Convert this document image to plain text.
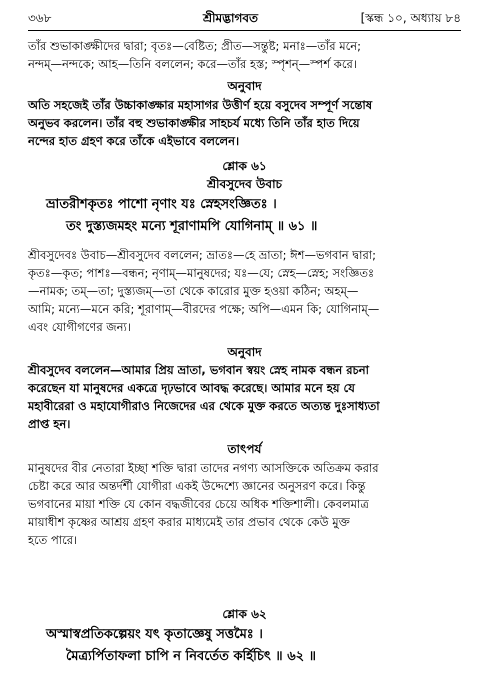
৩৬৮	শ্রীমদ্ভাগবত	[স্কন্ধ ১০, অধ্যায় ৮৪

তাঁর শুভাকাঙ্ক্ষীদের দ্বারা; বৃতঃ—বেষ্টিত; প্রীত—সন্তুষ্ট; মনাঃ—তাঁর মনে;

নন্দম্—নন্দকে; আহ—তিনি বললেন; করে—তাঁর হস্ত; স্পৃশন্—স্পর্শ করে।

অনুবাদ

অতি সহজেই তাঁর উচ্চাকাঙ্ক্ষার মহাসাগর উত্তীর্ণ হয়ে বসুদেব সম্পূর্ণ সন্তোষ

অনুভব করলেন। তাঁর বহু শুভাকাঙ্ক্ষীর সাহচর্য মধ্যে তিনি তাঁর হাত দিয়ে

নন্দের হাত গ্রহণ করে তাঁকে এইভাবে বললেন।

শ্লোক ৬১
শ্রীবসুদেব উবাচ

ভ্রাতরীশকৃতঃ পাশো নৃণাং যঃ স্নেহসংজ্ঞিতঃ ।

তং দুস্ত্যজমহং মন্যে শূরাণামপি যোগিনাম্ ॥ ৬১ ॥

শ্রীবসুদেবঃ উবাচ—শ্রীবসুদেব বললেন; ভ্রাতঃ—হে ভ্রাতা; ঈশ—ভগবান দ্বারা;

কৃতঃ—কৃত; পাশঃ—বন্ধন; নৃণাম্—মানুষদের; যঃ—যে; স্নেহ—স্নেহ; সংজ্ঞিতঃ

—নামক; তম্—তা; দুস্ত্যজম্—তা থেকে কারোর মুক্ত হওয়া কঠিন; অহম্—

আমি; মন্যে—মনে করি; শূরাণাম্—বীরদের পক্ষে; অপি—এমন কি; যোগিনাম্—

এবং যোগীগণের জন্য।

অনুবাদ

শ্রীবসুদেব বললেন—আমার প্রিয় ভ্রাতা, ভগবান স্বয়ং স্নেহ নামক বন্ধন রচনা

করেছেন যা মানুষদের একত্রে দৃঢ়ভাবে আবদ্ধ করেছে। আমার মনে হয় যে

মহাবীরেরা ও মহাযোগীরাও নিজেদের এর থেকে মুক্ত করতে অত্যন্ত দুঃসাধ্যতা

প্রাপ্ত হন।

তাৎপর্য

মানুষদের বীর নেতারা ইচ্ছা শক্তি দ্বারা তাদের নগণ্য আসক্তিকে অতিক্রম করার

চেষ্টা করে আর অন্তর্দর্শী যোগীরা একই উদ্দেশ্যে জ্ঞানের অনুসরণ করে। কিন্তু

ভগবানের মায়া শক্তি যে কোন বদ্ধজীবের চেয়ে অধিক শক্তিশালী। কেবলমাত্র

মায়াধীশ কৃষ্ণের আশ্রয় গ্রহণ করার মাধ্যমেই তার প্রভাব থেকে কেউ মুক্ত

হতে পারে।

শ্লোক ৬২

অস্মাস্বপ্রতিকল্পেয়ং যৎ কৃতাজ্ঞেষু সত্তমৈঃ ।

মৈত্র্যর্পিতাফলা চাপি ন নিবর্তেত কর্হিচিৎ ॥ ৬২ ॥
